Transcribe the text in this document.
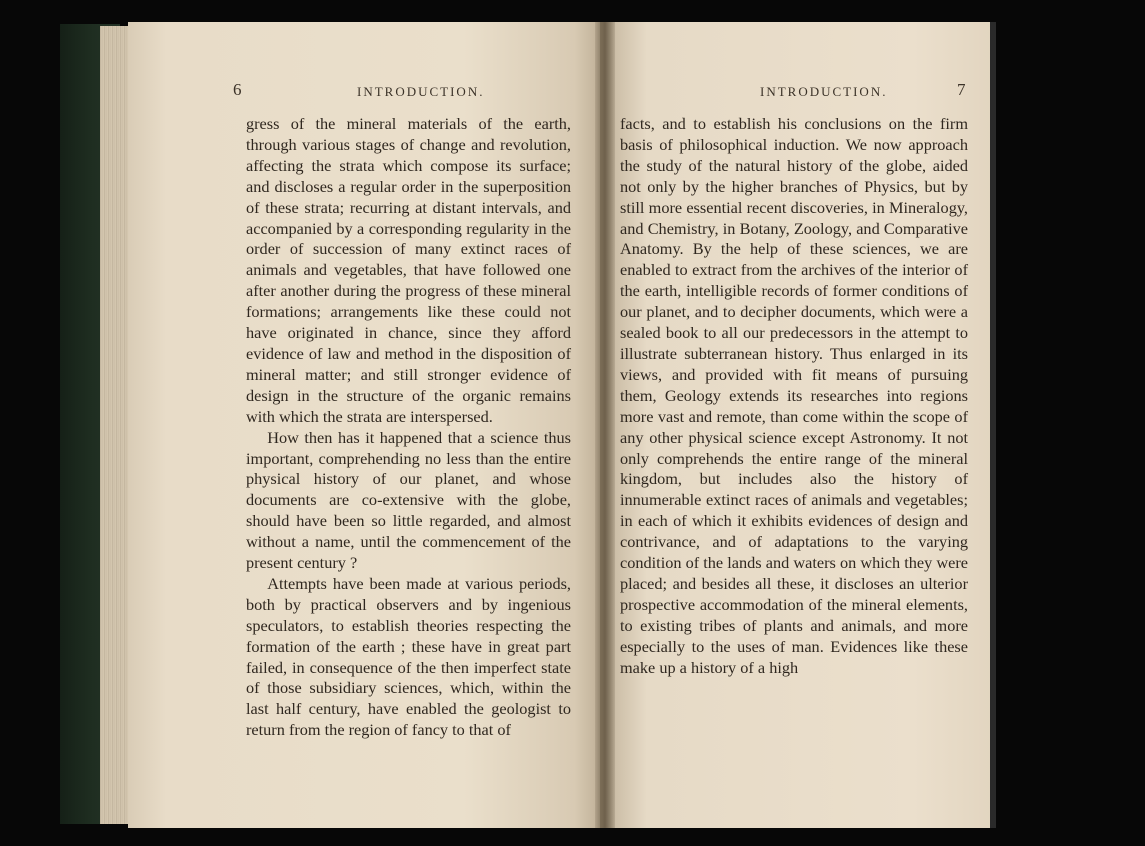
6	INTRODUCTION.

gress of the mineral materials of the earth, through various stages of change and revolution, affecting the strata which compose its surface; and discloses a regular order in the superposition of these strata; recurring at distant intervals, and accompanied by a corresponding regularity in the order of succession of many extinct races of animals and vegetables, that have followed one after another during the progress of these mineral formations; arrangements like these could not have originated in chance, since they afford evidence of law and method in the disposition of mineral matter; and still stronger evidence of design in the structure of the organic remains with which the strata are interspersed.

How then has it happened that a science thus important, comprehending no less than the entire physical history of our planet, and whose documents are co-extensive with the globe, should have been so little regarded, and almost without a name, until the commencement of the present century ?

Attempts have been made at various periods, both by practical observers and by ingenious speculators, to establish theories respecting the formation of the earth ; these have in great part failed, in consequence of the then imperfect state of those subsidiary sciences, which, within the last half century, have enabled the geologist to return from the region of fancy to that of

INTRODUCTION.	7

facts, and to establish his conclusions on the firm basis of philosophical induction. We now approach the study of the natural history of the globe, aided not only by the higher branches of Physics, but by still more essential recent discoveries, in Mineralogy, and Chemistry, in Botany, Zoology, and Comparative Anatomy. By the help of these sciences, we are enabled to extract from the archives of the interior of the earth, intelligible records of former conditions of our planet, and to decipher documents, which were a sealed book to all our predecessors in the attempt to illustrate subterranean history. Thus enlarged in its views, and provided with fit means of pursuing them, Geology extends its researches into regions more vast and remote, than come within the scope of any other physical science except Astronomy. It not only comprehends the entire range of the mineral kingdom, but includes also the history of innumerable extinct races of animals and vegetables; in each of which it exhibits evidences of design and contrivance, and of adaptations to the varying condition of the lands and waters on which they were placed; and besides all these, it discloses an ulterior prospective accommodation of the mineral elements, to existing tribes of plants and animals, and more especially to the uses of man. Evidences like these make up a history of a high
